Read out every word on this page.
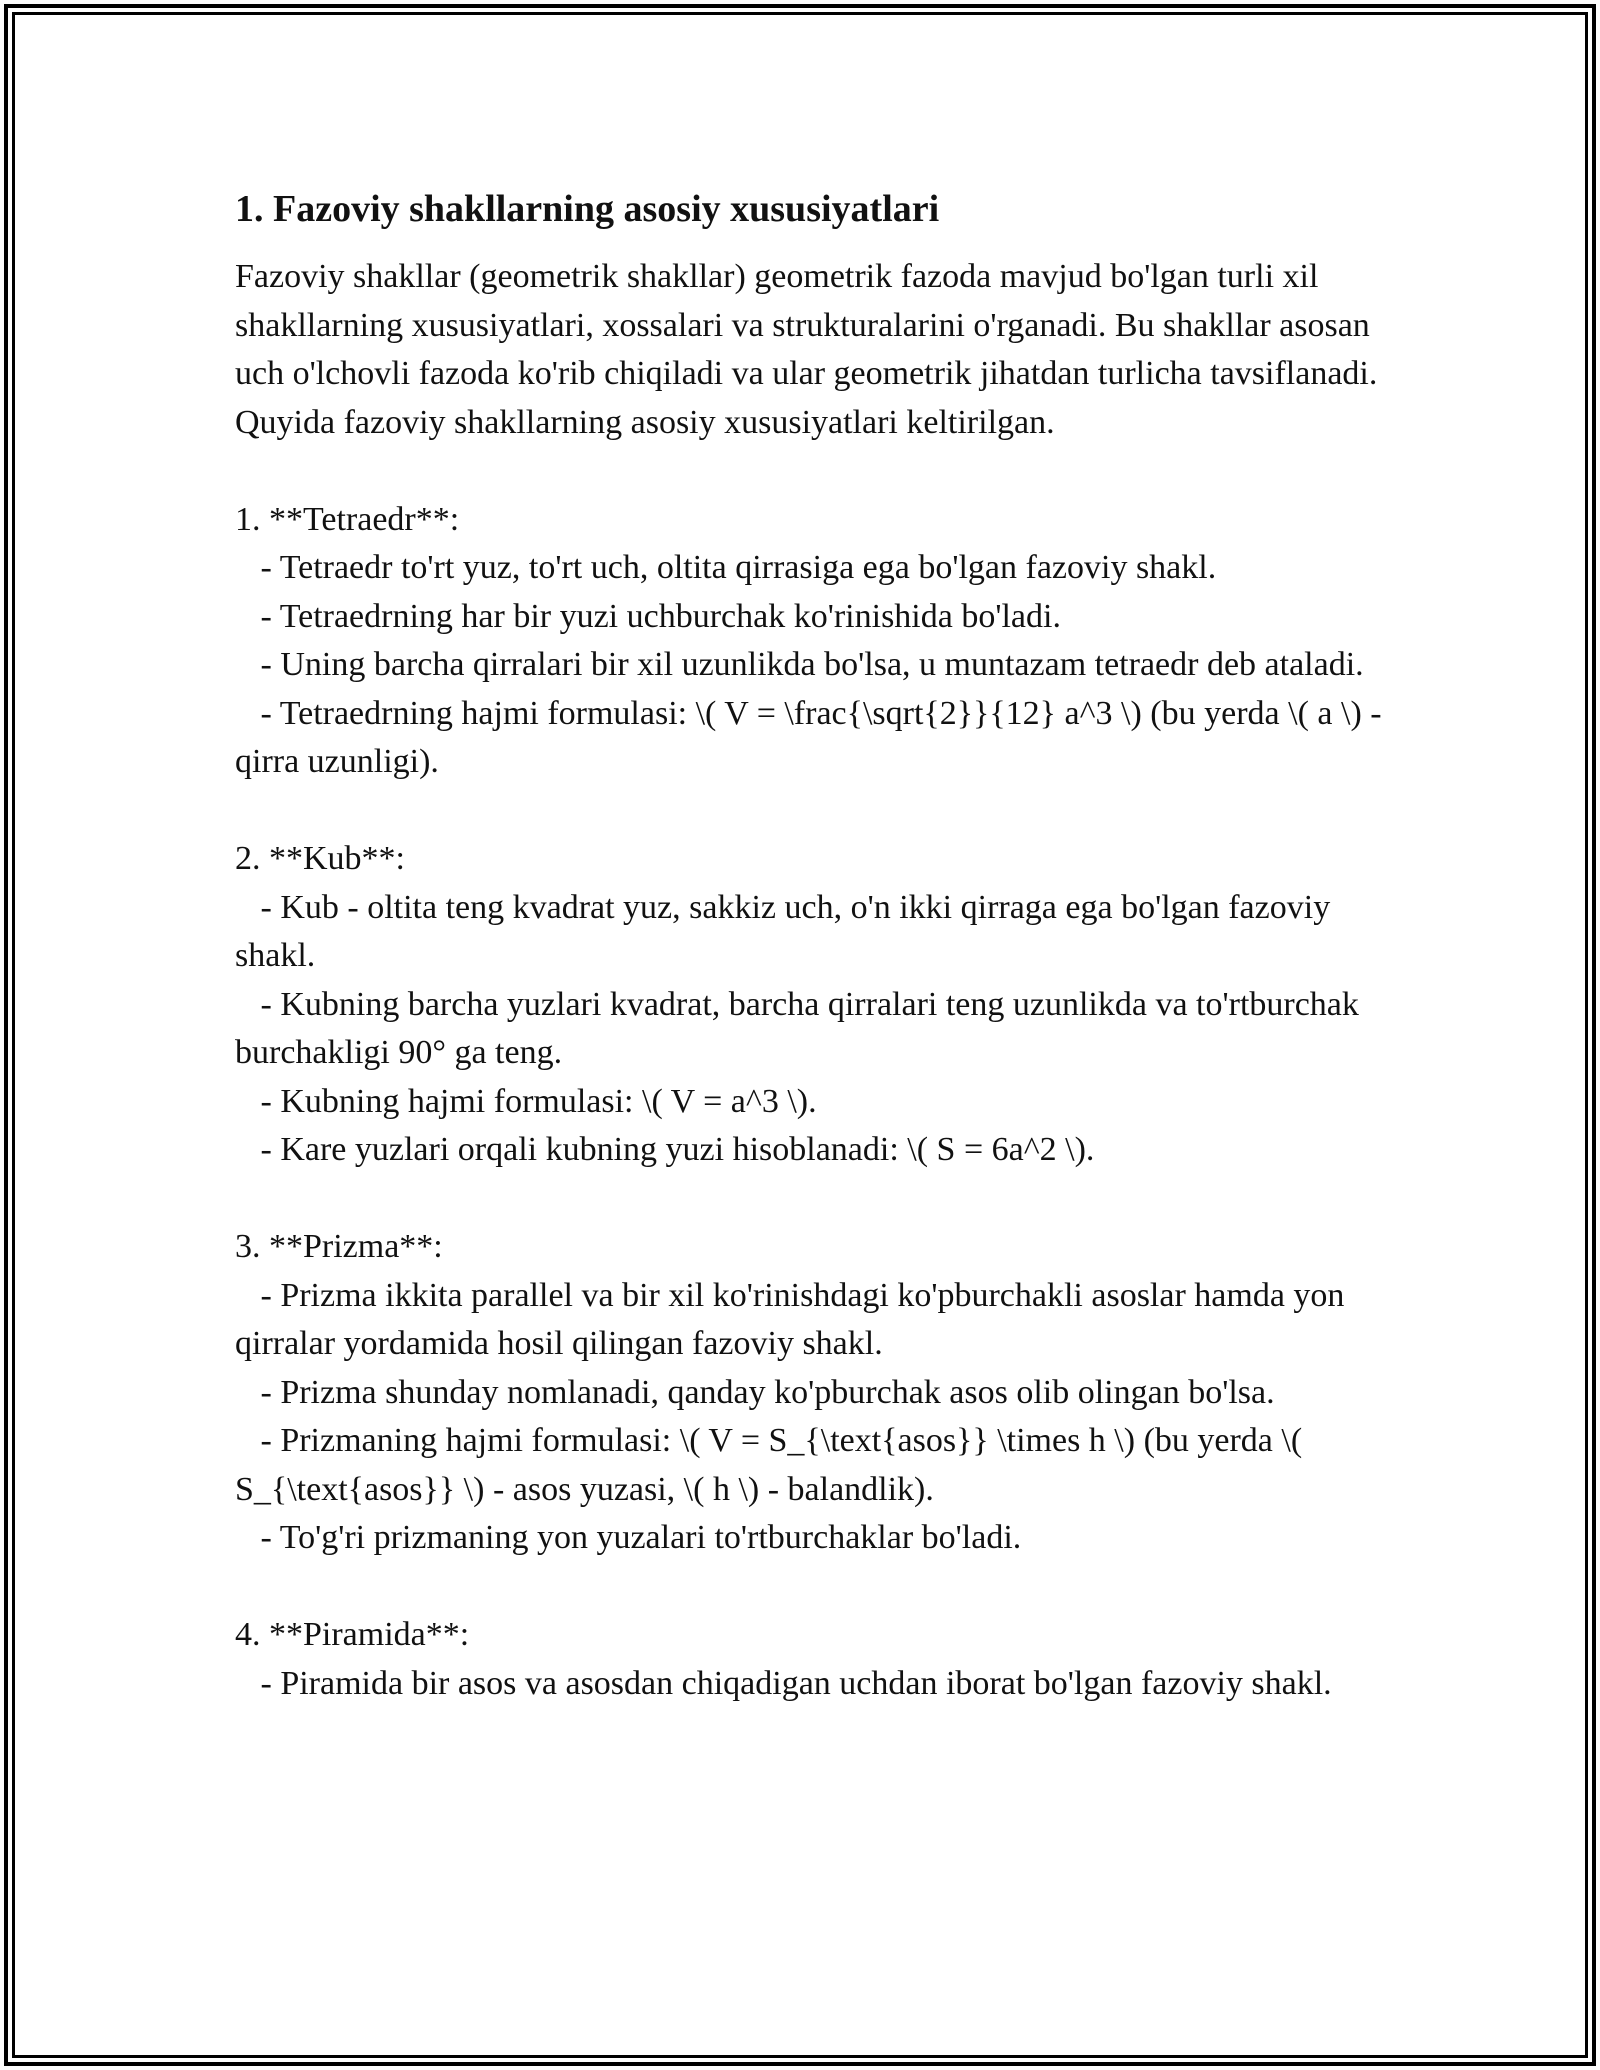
1. Fazoviy shakllarning asosiy xususiyatlari

Fazoviy shakllar (geometrik shakllar) geometrik fazoda mavjud bo'lgan turli xil shakllarning xususiyatlari, xossalari va strukturalarini o'rganadi. Bu shakllar asosan uch o'lchovli fazoda ko'rib chiqiladi va ular geometrik jihatdan turlicha tavsiflanadi. Quyida fazoviy shakllarning asosiy xususiyatlari keltirilgan.

1. **Tetraedr**:
- Tetraedr to'rt yuz, to'rt uch, oltita qirrasiga ega bo'lgan fazoviy shakl.
- Tetraedrning har bir yuzi uchburchak ko'rinishida bo'ladi.
- Uning barcha qirralari bir xil uzunlikda bo'lsa, u muntazam tetraedr deb ataladi.
- Tetraedrning hajmi formulasi: \( V = \frac{\sqrt{2}}{12} a^3 \) (bu yerda \( a \) - qirra uzunligi).
2. **Kub**:
- Kub - oltita teng kvadrat yuz, sakkiz uch, o'n ikki qirraga ega bo'lgan fazoviy shakl.
- Kubning barcha yuzlari kvadrat, barcha qirralari teng uzunlikda va to'rtburchak burchakligi 90° ga teng.
- Kubning hajmi formulasi: \( V = a^3 \).
- Kare yuzlari orqali kubning yuzi hisoblanadi: \( S = 6a^2 \).
3. **Prizma**:
- Prizma ikkita parallel va bir xil ko'rinishdagi ko'pburchakli asoslar hamda yon qirralar yordamida hosil qilingan fazoviy shakl.
- Prizma shunday nomlanadi, qanday ko'pburchak asos olib olingan bo'lsa.
- Prizmaning hajmi formulasi: \( V = S_{\text{asos}} \times h \) (bu yerda \( S_{\text{asos}} \) - asos yuzasi, \( h \) - balandlik).
- To'g'ri prizmaning yon yuzalari to'rtburchaklar bo'ladi.
4. **Piramida**:
- Piramida bir asos va asosdan chiqadigan uchdan iborat bo'lgan fazoviy shakl.
